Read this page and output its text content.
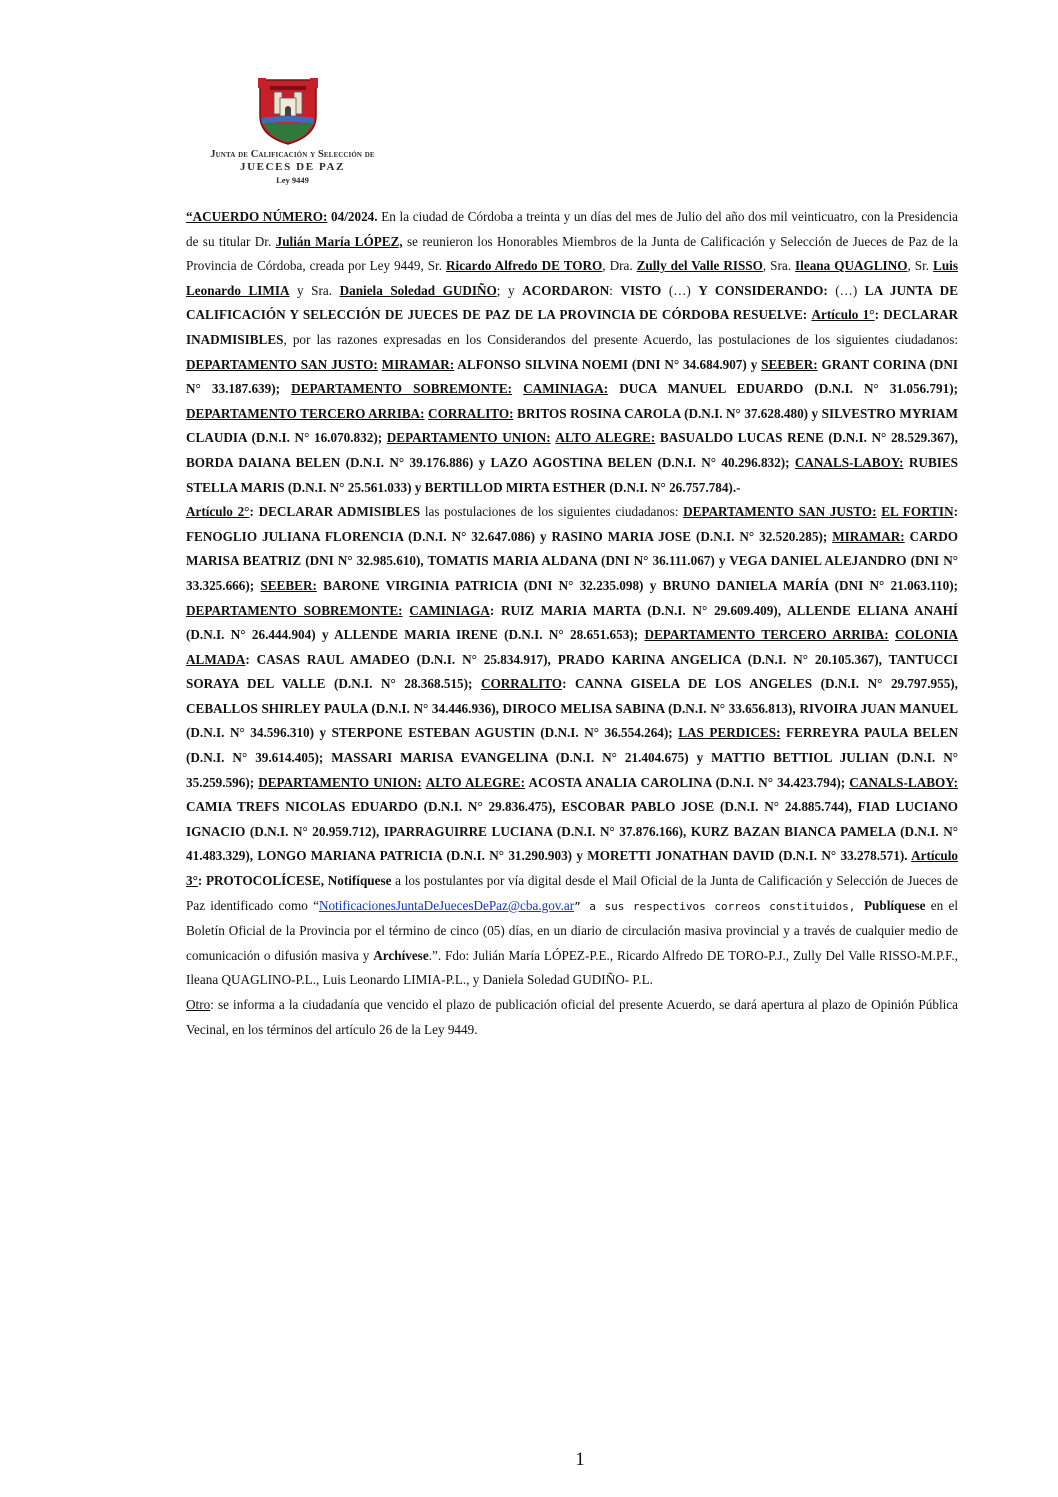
Junta de Calificación y Selección de
JUECES DE PAZ
Ley 9449

“ACUERDO NÚMERO: 04/2024. En la ciudad de Córdoba a treinta y un días del mes de Julio del año dos mil veinticuatro, con la Presidencia de su titular Dr. Julián María LÓPEZ, se reunieron los Honorables Miembros de la Junta de Calificación y Selección de Jueces de Paz de la Provincia de Córdoba, creada por Ley 9449, Sr. Ricardo Alfredo DE TORO, Dra. Zully del Valle RISSO, Sra. Ileana QUAGLINO, Sr. Luis Leonardo LIMIA y Sra. Daniela Soledad GUDIÑO; y ACORDARON: VISTO (…) Y CONSIDERANDO: (…) LA JUNTA DE CALIFICACIÓN Y SELECCIÓN DE JUECES DE PAZ DE LA PROVINCIA DE CÓRDOBA RESUELVE: Artículo 1°: DECLARAR INADMISIBLES, por las razones expresadas en los Considerandos del presente Acuerdo, las postulaciones de los siguientes ciudadanos: DEPARTAMENTO SAN JUSTO: MIRAMAR: ALFONSO SILVINA NOEMI (DNI N° 34.684.907) y SEEBER: GRANT CORINA (DNI N° 33.187.639); DEPARTAMENTO SOBREMONTE: CAMINIAGA: DUCA MANUEL EDUARDO (D.N.I. N° 31.056.791); DEPARTAMENTO TERCERO ARRIBA: CORRALITO: BRITOS ROSINA CAROLA (D.N.I. N° 37.628.480) y SILVESTRO MYRIAM CLAUDIA (D.N.I. N° 16.070.832); DEPARTAMENTO UNION: ALTO ALEGRE: BASUALDO LUCAS RENE (D.N.I. N° 28.529.367), BORDA DAIANA BELEN (D.N.I. N° 39.176.886) y LAZO AGOSTINA BELEN (D.N.I. N° 40.296.832); CANALS-LABOY: RUBIES STELLA MARIS (D.N.I. N° 25.561.033) y BERTILLOD MIRTA ESTHER (D.N.I. N° 26.757.784).-

Artículo 2°: DECLARAR ADMISIBLES las postulaciones de los siguientes ciudadanos: DEPARTAMENTO SAN JUSTO: EL FORTIN: FENOGLIO JULIANA FLORENCIA (D.N.I. N° 32.647.086) y RASINO MARIA JOSE (D.N.I. N° 32.520.285); MIRAMAR: CARDO MARISA BEATRIZ (DNI N° 32.985.610), TOMATIS MARIA ALDANA (DNI N° 36.111.067) y VEGA DANIEL ALEJANDRO (DNI N° 33.325.666); SEEBER: BARONE VIRGINIA PATRICIA (DNI N° 32.235.098) y BRUNO DANIELA MARÍA (DNI N° 21.063.110); DEPARTAMENTO SOBREMONTE: CAMINIAGA: RUIZ MARIA MARTA (D.N.I. N° 29.609.409), ALLENDE ELIANA ANAHÍ (D.N.I. N° 26.444.904) y ALLENDE MARIA IRENE (D.N.I. N° 28.651.653); DEPARTAMENTO TERCERO ARRIBA: COLONIA ALMADA: CASAS RAUL AMADEO (D.N.I. N° 25.834.917), PRADO KARINA ANGELICA (D.N.I. N° 20.105.367), TANTUCCI SORAYA DEL VALLE (D.N.I. N° 28.368.515); CORRALITO: CANNA GISELA DE LOS ANGELES (D.N.I. N° 29.797.955), CEBALLOS SHIRLEY PAULA (D.N.I. N° 34.446.936), DIROCO MELISA SABINA (D.N.I. N° 33.656.813), RIVOIRA JUAN MANUEL (D.N.I. N° 34.596.310) y STERPONE ESTEBAN AGUSTIN (D.N.I. N° 36.554.264); LAS PERDICES: FERREYRA PAULA BELEN (D.N.I. N° 39.614.405); MASSARI MARISA EVANGELINA (D.N.I. N° 21.404.675) y MATTIO BETTIOL JULIAN (D.N.I. N° 35.259.596); DEPARTAMENTO UNION: ALTO ALEGRE: ACOSTA ANALIA CAROLINA (D.N.I. N° 34.423.794); CANALS-LABOY: CAMIA TREFS NICOLAS EDUARDO (D.N.I. N° 29.836.475), ESCOBAR PABLO JOSE (D.N.I. N° 24.885.744), FIAD LUCIANO IGNACIO (D.N.I. N° 20.959.712), IPARRAGUIRRE LUCIANA (D.N.I. N° 37.876.166), KURZ BAZAN BIANCA PAMELA (D.N.I. N° 41.483.329), LONGO MARIANA PATRICIA (D.N.I. N° 31.290.903) y MORETTI JONATHAN DAVID (D.N.I. N° 33.278.571). Artículo 3°: PROTOCOLÍCESE, Notifíquese a los postulantes por vía digital desde el Mail Oficial de la Junta de Calificación y Selección de Jueces de Paz identificado como “NotificacionesJuntaDeJuecesDePaz@cba.gov.ar” a sus respectivos correos constituidos, Publíquese en el Boletín Oficial de la Provincia por el término de cinco (05) días, en un diario de circulación masiva provincial y a través de cualquier medio de comunicación o difusión masiva y Archívese.”. Fdo: Julián María LÓPEZ-P.E., Ricardo Alfredo DE TORO-P.J., Zully Del Valle RISSO-M.P.F., Ileana QUAGLINO-P.L., Luis Leonardo LIMIA-P.L., y Daniela Soledad GUDIÑO- P.L.

Otro: se informa a la ciudadanía que vencido el plazo de publicación oficial del presente Acuerdo, se dará apertura al plazo de Opinión Pública Vecinal, en los términos del artículo 26 de la Ley 9449.

1
